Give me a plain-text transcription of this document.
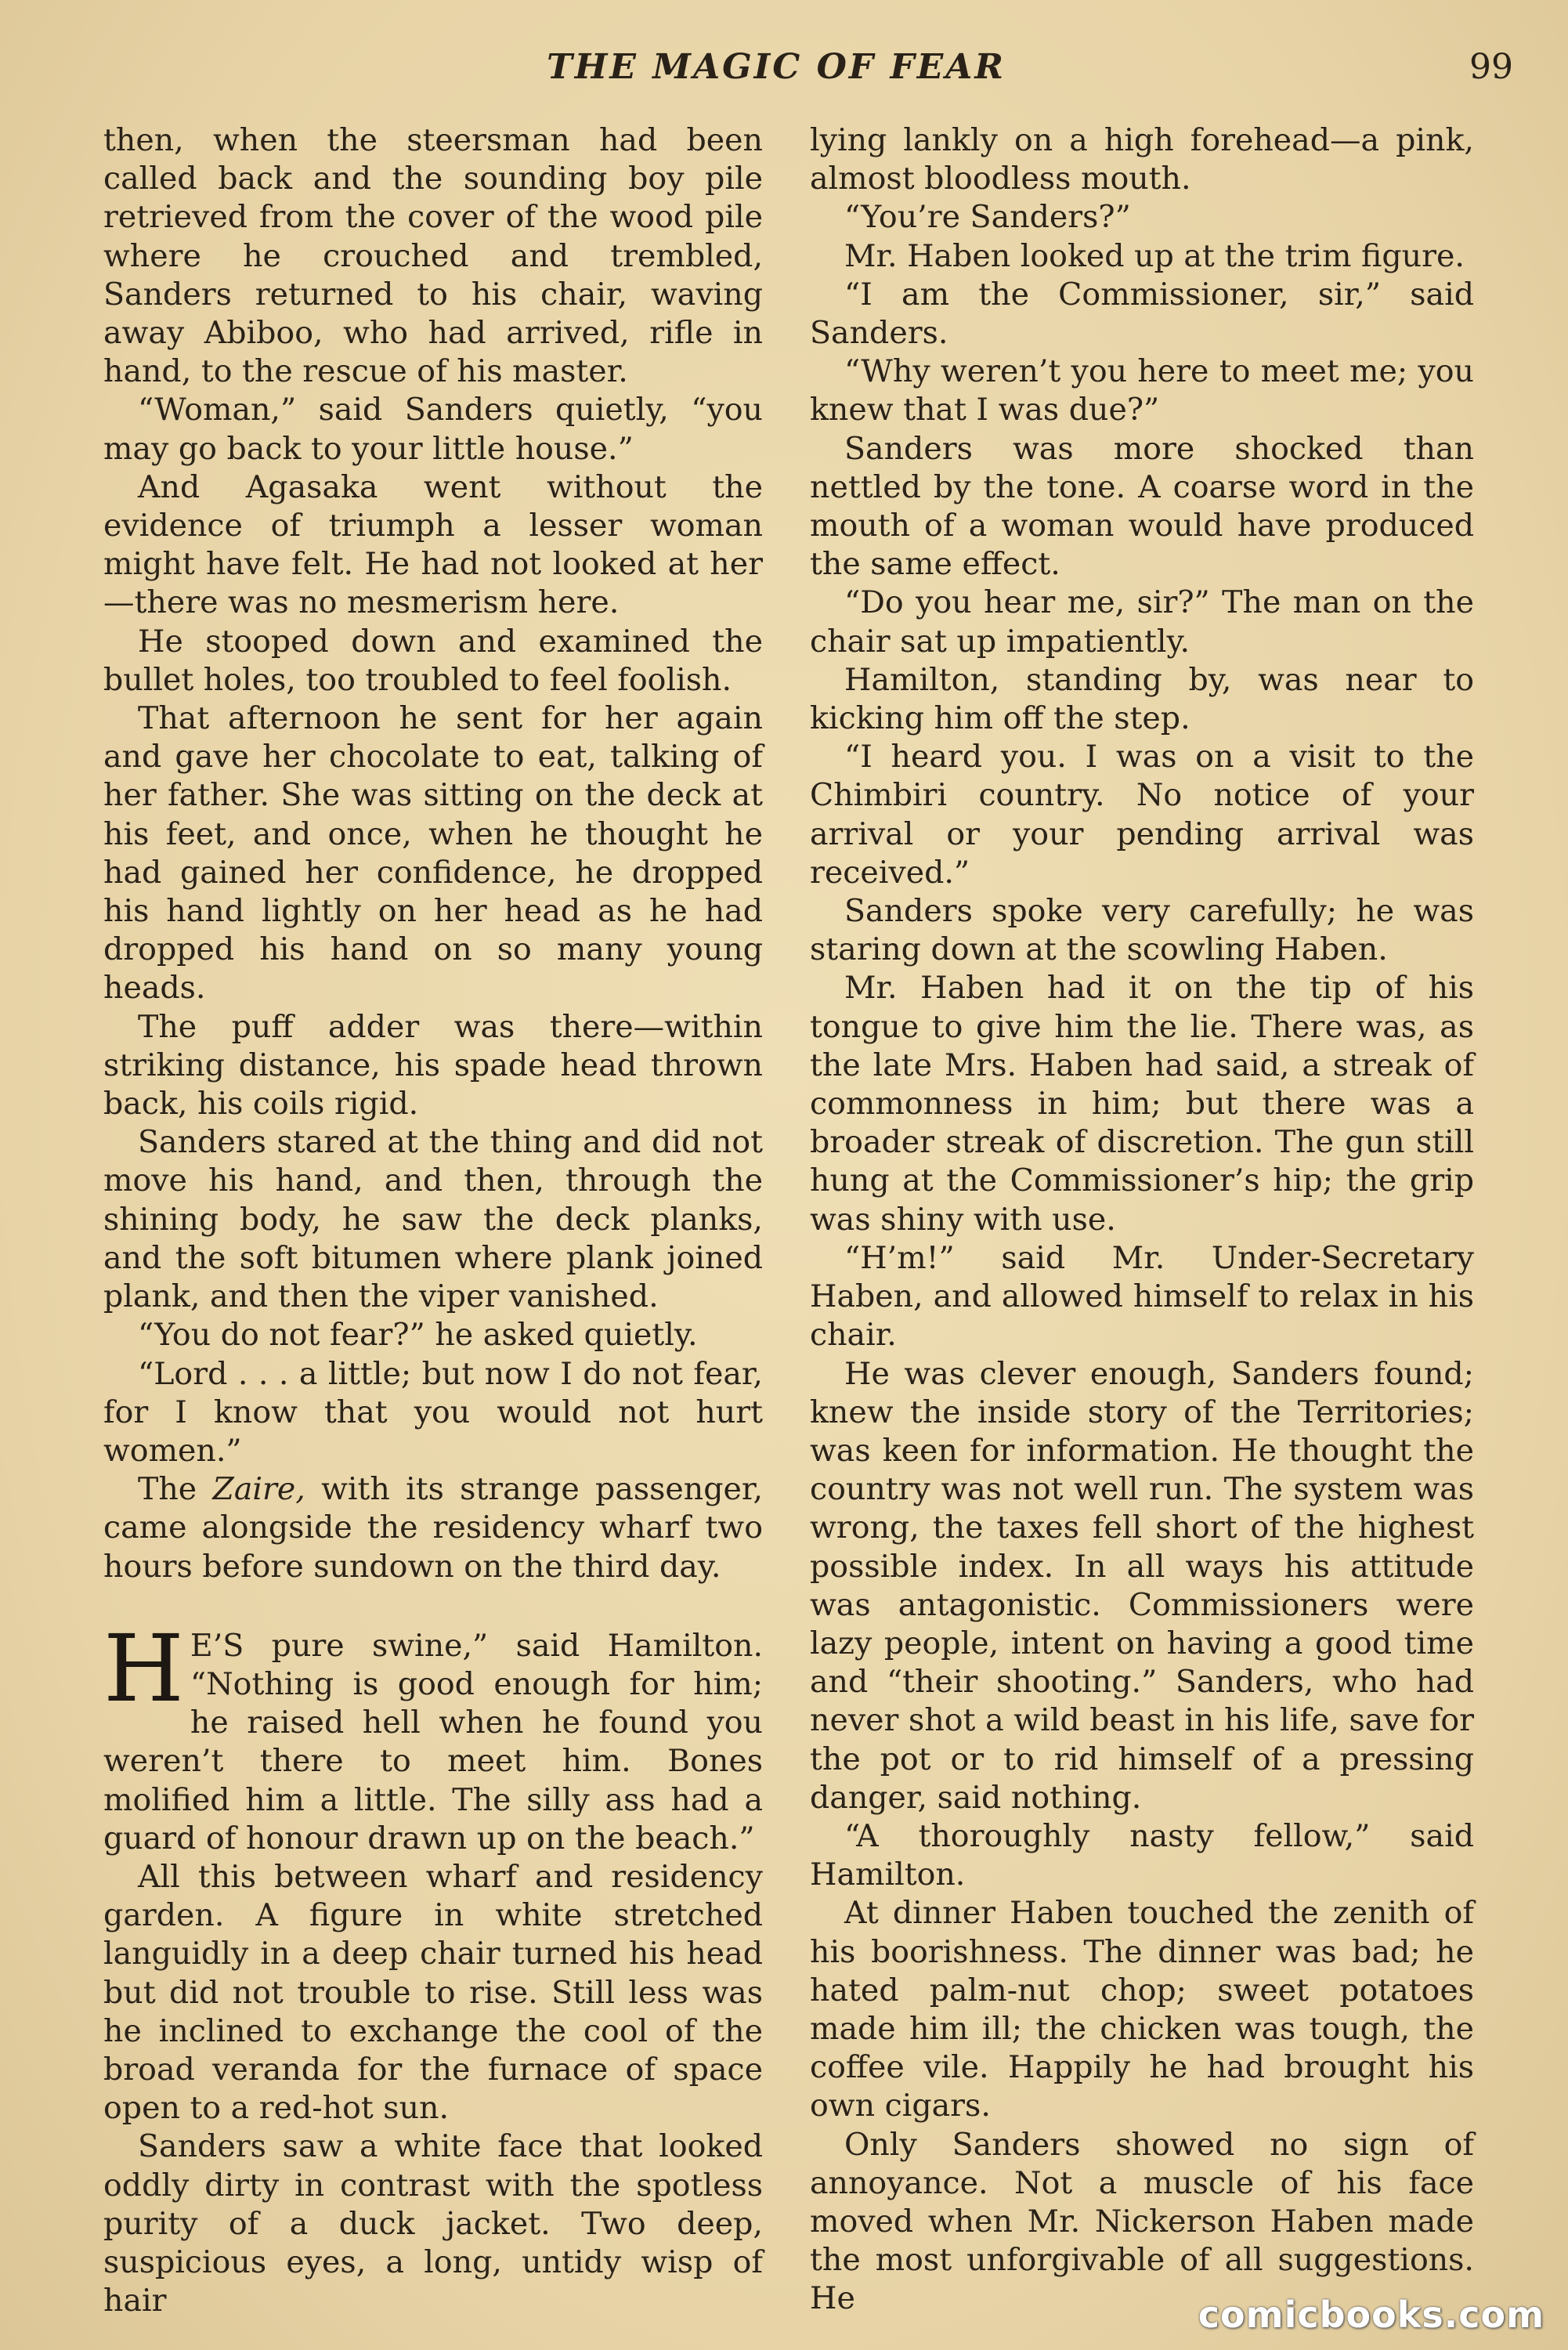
THE MAGIC OF FEAR	99

then, when the steersman had been called back and the sounding boy pile retrieved from the cover of the wood pile where he crouched and trembled, Sanders returned to his chair, waving away Abiboo, who had arrived, rifle in hand, to the rescue of his master.

“Woman,” said Sanders quietly, “you may go back to your little house.”

And Agasaka went without the evidence of triumph a lesser woman might have felt. He had not looked at her—there was no mesmerism here.

He stooped down and examined the bullet holes, too troubled to feel foolish.

That afternoon he sent for her again and gave her chocolate to eat, talking of her father. She was sitting on the deck at his feet, and once, when he thought he had gained her confidence, he dropped his hand lightly on her head as he had dropped his hand on so many young heads.

The puff adder was there—within striking distance, his spade head thrown back, his coils rigid.

Sanders stared at the thing and did not move his hand, and then, through the shining body, he saw the deck planks, and the soft bitumen where plank joined plank, and then the viper vanished.

“You do not fear?” he asked quietly.

“Lord . . . a little; but now I do not fear, for I know that you would not hurt women.”

The Zaire, with its strange passenger, came alongside the residency wharf two hours before sundown on the third day.

H E’S pure swine,” said Hamilton. “Nothing is good enough for him; he raised hell when he found you weren’t there to meet him. Bones molified him a little. The silly ass had a guard of honour drawn up on the beach.”

All this between wharf and residency garden. A figure in white stretched languidly in a deep chair turned his head but did not trouble to rise. Still less was he inclined to exchange the cool of the broad veranda for the furnace of space open to a red-hot sun.

Sanders saw a white face that looked oddly dirty in contrast with the spotless purity of a duck jacket. Two deep, suspicious eyes, a long, untidy wisp of hair

lying lankly on a high forehead—a pink, almost bloodless mouth.

“You’re Sanders?”

Mr. Haben looked up at the trim figure.

“I am the Commissioner, sir,” said Sanders.

“Why weren’t you here to meet me; you knew that I was due?”

Sanders was more shocked than nettled by the tone. A coarse word in the mouth of a woman would have produced the same effect.

“Do you hear me, sir?” The man on the chair sat up impatiently.

Hamilton, standing by, was near to kicking him off the step.

“I heard you. I was on a visit to the Chimbiri country. No notice of your arrival or your pending arrival was received.”

Sanders spoke very carefully; he was staring down at the scowling Haben.

Mr. Haben had it on the tip of his tongue to give him the lie. There was, as the late Mrs. Haben had said, a streak of commonness in him; but there was a broader streak of discretion. The gun still hung at the Commissioner’s hip; the grip was shiny with use.

“H’m!” said Mr. Under-Secretary Haben, and allowed himself to relax in his chair.

He was clever enough, Sanders found; knew the inside story of the Territories; was keen for information. He thought the country was not well run. The system was wrong, the taxes fell short of the highest possible index. In all ways his attitude was antagonistic. Commissioners were lazy people, intent on having a good time and “their shooting.” Sanders, who had never shot a wild beast in his life, save for the pot or to rid himself of a pressing danger, said nothing.

“A thoroughly nasty fellow,” said Hamilton.

At dinner Haben touched the zenith of his boorishness. The dinner was bad; he hated palm-nut chop; sweet potatoes made him ill; the chicken was tough, the coffee vile. Happily he had brought his own cigars.

Only Sanders showed no sign of annoyance. Not a muscle of his face moved when Mr. Nickerson Haben made the most unforgivable of all suggestions. He	comicbooks.com
